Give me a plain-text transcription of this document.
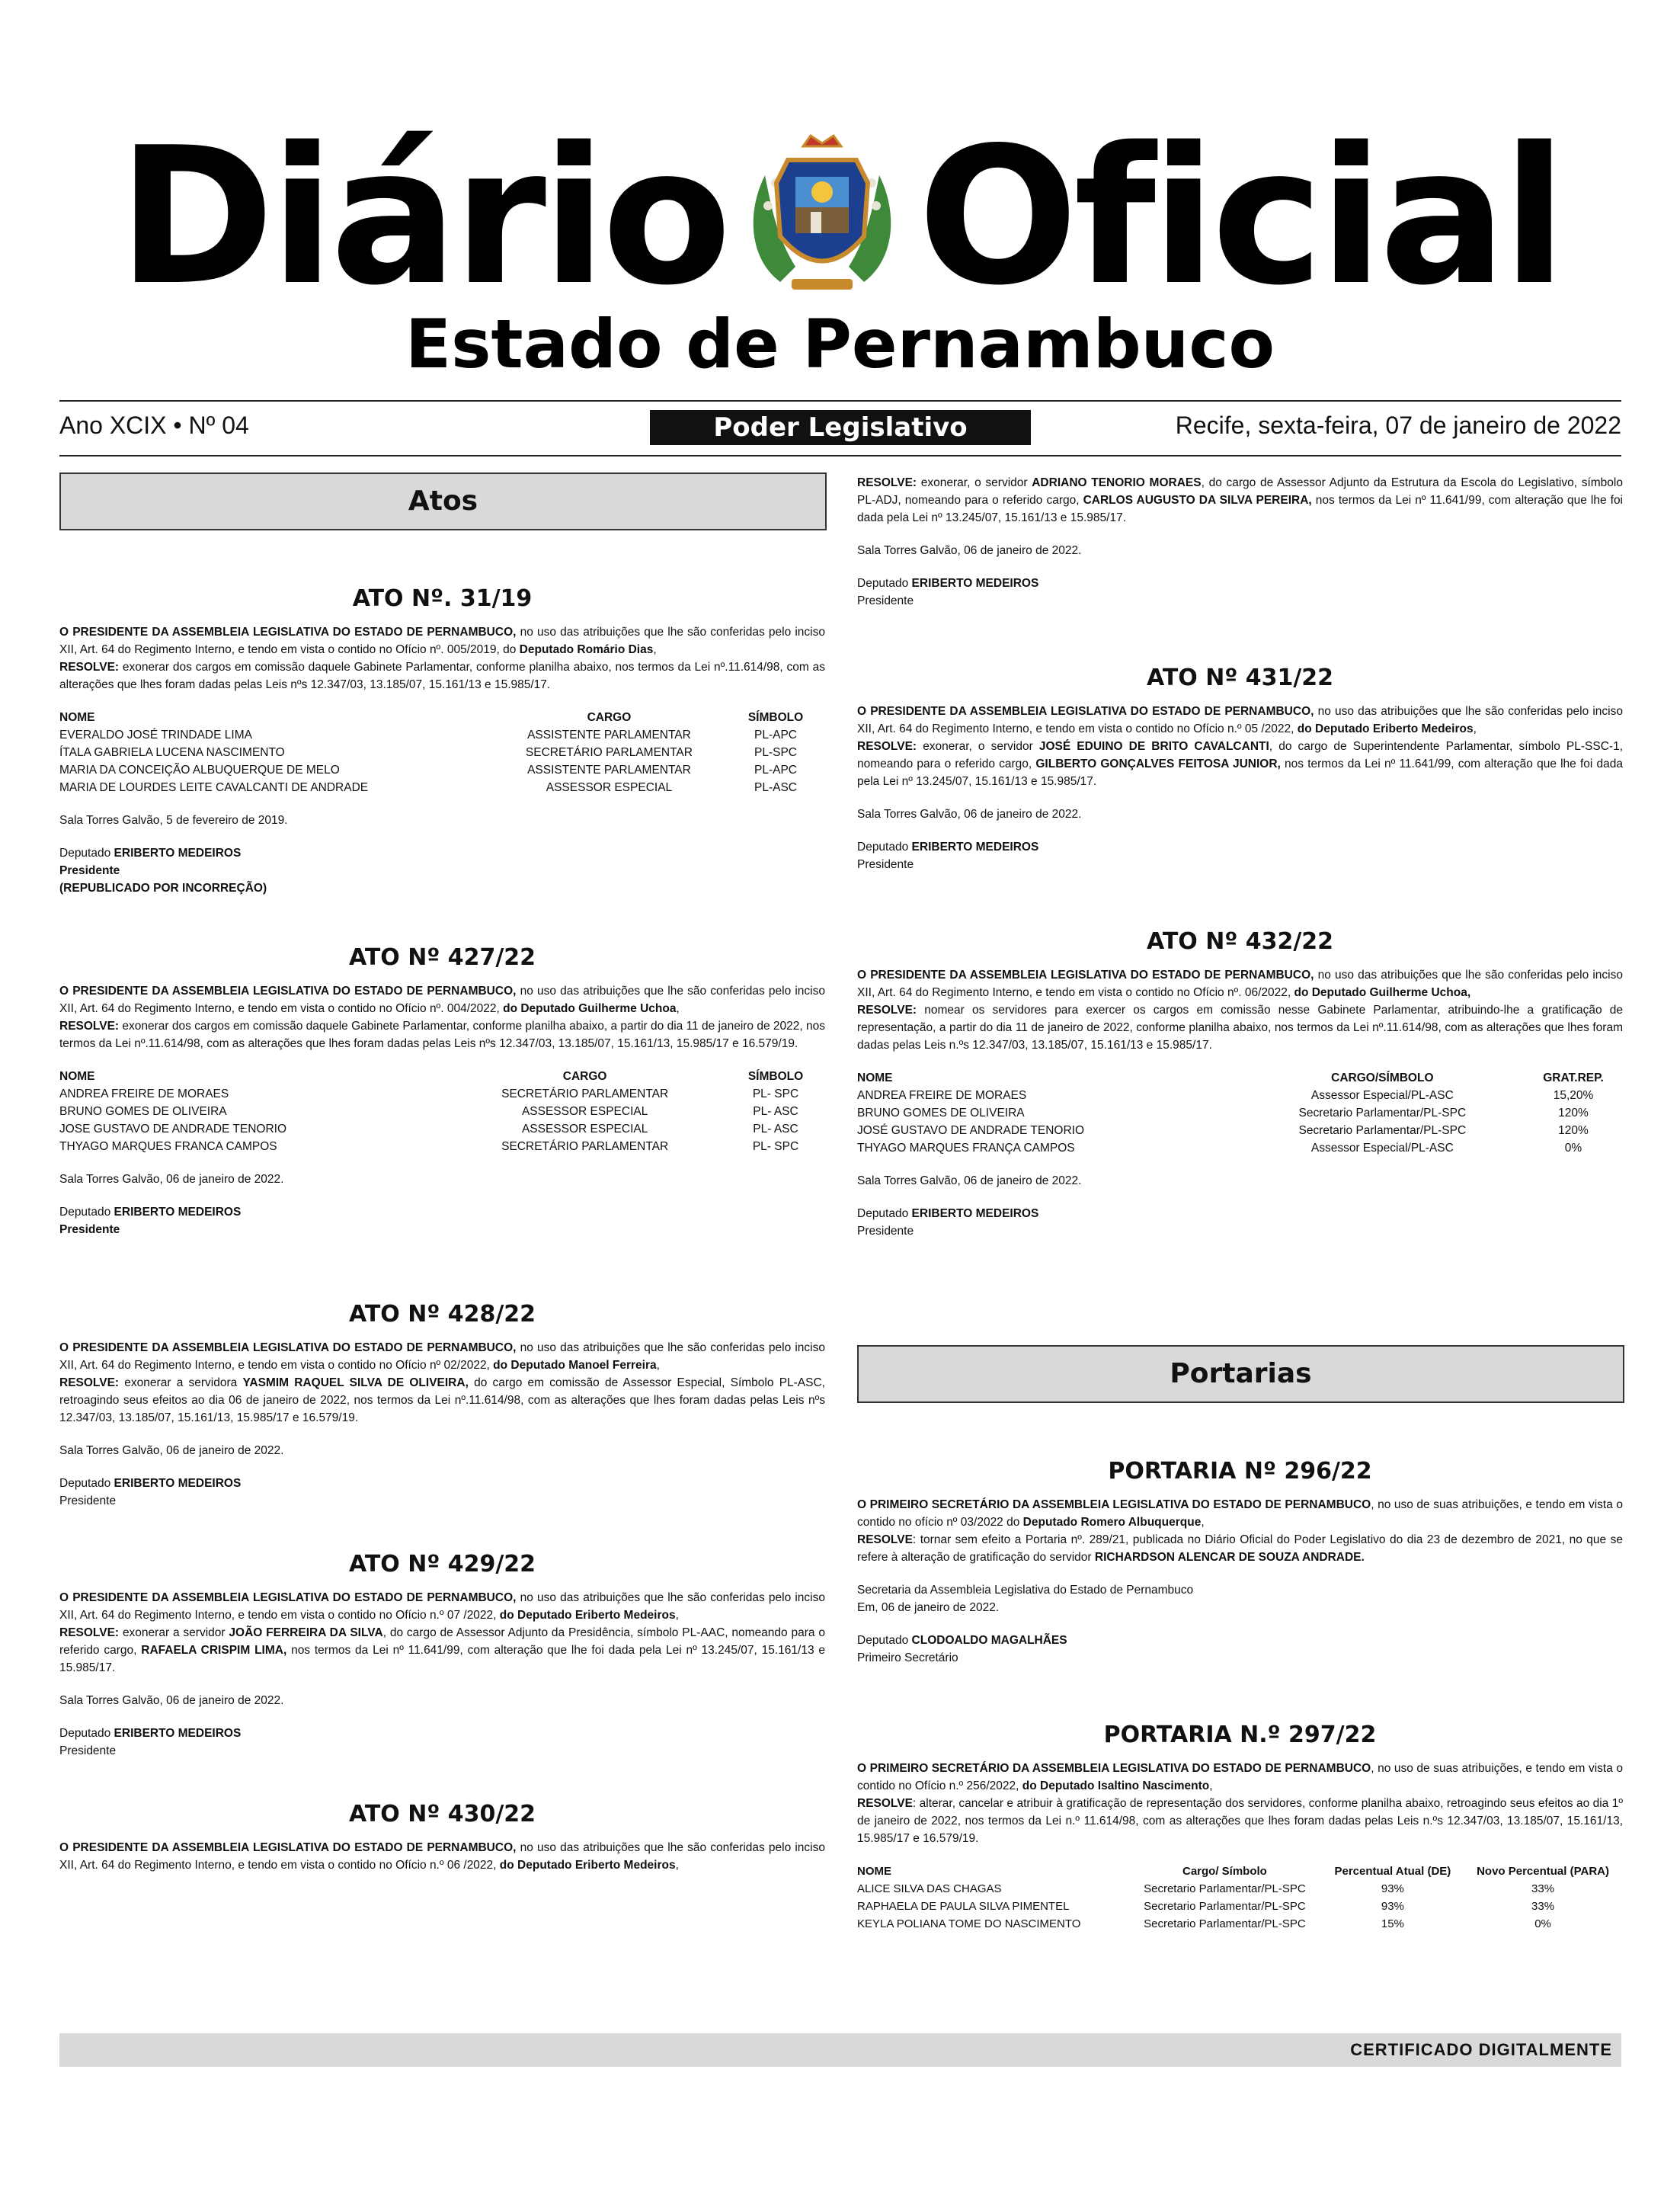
Diário Oficial
Estado de Pernambuco
Ano XCIX • Nº 04	Poder Legislativo	Recife, sexta-feira, 07 de janeiro de 2022
Atos
ATO Nº. 31/19

O PRESIDENTE DA ASSEMBLEIA LEGISLATIVA DO ESTADO DE PERNAMBUCO, no uso das atribuições que lhe são conferidas pelo inciso XII, Art. 64 do Regimento Interno, e tendo em vista o contido no Ofício nº. 005/2019, do Deputado Romário Dias,

RESOLVE: exonerar dos cargos em comissão daquele Gabinete Parlamentar, conforme planilha abaixo, nos termos da Lei nº.11.614/98, com as alterações que lhes foram dadas pelas Leis nºs 12.347/03, 13.185/07, 15.161/13 e 15.985/17.

NOME	CARGO	SÍMBOLO
EVERALDO JOSÉ TRINDADE LIMA	ASSISTENTE PARLAMENTAR	PL-APC
ÍTALA GABRIELA LUCENA NASCIMENTO	SECRETÁRIO PARLAMENTAR	PL-SPC
MARIA DA CONCEIÇÃO ALBUQUERQUE DE MELO	ASSISTENTE PARLAMENTAR	PL-APC
MARIA DE LOURDES LEITE CAVALCANTI DE ANDRADE	ASSESSOR ESPECIAL	PL-ASC

Sala Torres Galvão, 5 de fevereiro de 2019.

Deputado ERIBERTO MEDEIROS

Presidente

(REPUBLICADO POR INCORREÇÃO)

ATO Nº 427/22

O PRESIDENTE DA ASSEMBLEIA LEGISLATIVA DO ESTADO DE PERNAMBUCO, no uso das atribuições que lhe são conferidas pelo inciso XII, Art. 64 do Regimento Interno, e tendo em vista o contido no Ofício nº. 004/2022, do Deputado Guilherme Uchoa,

RESOLVE: exonerar dos cargos em comissão daquele Gabinete Parlamentar, conforme planilha abaixo, a partir do dia 11 de janeiro de 2022, nos termos da Lei nº.11.614/98, com as alterações que lhes foram dadas pelas Leis nºs 12.347/03, 13.185/07, 15.161/13, 15.985/17 e 16.579/19.

NOME	CARGO	SÍMBOLO
ANDREA FREIRE DE MORAES	SECRETÁRIO PARLAMENTAR	PL- SPC
BRUNO GOMES DE OLIVEIRA	ASSESSOR ESPECIAL	PL- ASC
JOSE GUSTAVO DE ANDRADE TENORIO	ASSESSOR ESPECIAL	PL- ASC
THYAGO MARQUES FRANCA CAMPOS	SECRETÁRIO PARLAMENTAR	PL- SPC

Sala Torres Galvão, 06 de janeiro de 2022.

Deputado ERIBERTO MEDEIROS

Presidente

ATO Nº 428/22

O PRESIDENTE DA ASSEMBLEIA LEGISLATIVA DO ESTADO DE PERNAMBUCO, no uso das atribuições que lhe são conferidas pelo inciso XII, Art. 64 do Regimento Interno, e tendo em vista o contido no Ofício nº 02/2022, do Deputado Manoel Ferreira,

RESOLVE: exonerar a servidora YASMIM RAQUEL SILVA DE OLIVEIRA, do cargo em comissão de Assessor Especial, Símbolo PL-ASC, retroagindo seus efeitos ao dia 06 de janeiro de 2022, nos termos da Lei nº.11.614/98, com as alterações que lhes foram dadas pelas Leis nºs 12.347/03, 13.185/07, 15.161/13, 15.985/17 e 16.579/19.

Sala Torres Galvão, 06 de janeiro de 2022.

Deputado ERIBERTO MEDEIROS

Presidente

ATO Nº 429/22

O PRESIDENTE DA ASSEMBLEIA LEGISLATIVA DO ESTADO DE PERNAMBUCO, no uso das atribuições que lhe são conferidas pelo inciso XII, Art. 64 do Regimento Interno, e tendo em vista o contido no Ofício n.º 07 /2022, do Deputado Eriberto Medeiros,

RESOLVE: exonerar a servidor JOÃO FERREIRA DA SILVA, do cargo de Assessor Adjunto da Presidência, símbolo PL-AAC, nomeando para o referido cargo, RAFAELA CRISPIM LIMA, nos termos da Lei nº 11.641/99, com alteração que lhe foi dada pela Lei nº 13.245/07, 15.161/13 e 15.985/17.

Sala Torres Galvão, 06 de janeiro de 2022.

Deputado ERIBERTO MEDEIROS

Presidente

ATO Nº 430/22

O PRESIDENTE DA ASSEMBLEIA LEGISLATIVA DO ESTADO DE PERNAMBUCO, no uso das atribuições que lhe são conferidas pelo inciso XII, Art. 64 do Regimento Interno, e tendo em vista o contido no Ofício n.º 06 /2022, do Deputado Eriberto Medeiros,

RESOLVE: exonerar, o servidor ADRIANO TENORIO MORAES, do cargo de Assessor Adjunto da Estrutura da Escola do Legislativo, símbolo PL-ADJ, nomeando para o referido cargo, CARLOS AUGUSTO DA SILVA PEREIRA, nos termos da Lei nº 11.641/99, com alteração que lhe foi dada pela Lei nº 13.245/07, 15.161/13 e 15.985/17.

Sala Torres Galvão, 06 de janeiro de 2022.

Deputado ERIBERTO MEDEIROS

Presidente

ATO Nº 431/22

O PRESIDENTE DA ASSEMBLEIA LEGISLATIVA DO ESTADO DE PERNAMBUCO, no uso das atribuições que lhe são conferidas pelo inciso XII, Art. 64 do Regimento Interno, e tendo em vista o contido no Ofício n.º 05 /2022, do Deputado Eriberto Medeiros,

RESOLVE: exonerar, o servidor JOSÉ EDUINO DE BRITO CAVALCANTI, do cargo de Superintendente Parlamentar, símbolo PL-SSC-1, nomeando para o referido cargo, GILBERTO GONÇALVES FEITOSA JUNIOR, nos termos da Lei nº 11.641/99, com alteração que lhe foi dada pela Lei nº 13.245/07, 15.161/13 e 15.985/17.

Sala Torres Galvão, 06 de janeiro de 2022.

Deputado ERIBERTO MEDEIROS

Presidente

ATO Nº 432/22

O PRESIDENTE DA ASSEMBLEIA LEGISLATIVA DO ESTADO DE PERNAMBUCO, no uso das atribuições que lhe são conferidas pelo inciso XII, Art. 64 do Regimento Interno, e tendo em vista o contido no Ofício nº. 06/2022, do Deputado Guilherme Uchoa,

RESOLVE: nomear os servidores para exercer os cargos em comissão nesse Gabinete Parlamentar, atribuindo-lhe a gratificação de representação, a partir do dia 11 de janeiro de 2022, conforme planilha abaixo, nos termos da Lei nº.11.614/98, com as alterações que lhes foram dadas pelas Leis n.ºs 12.347/03, 13.185/07, 15.161/13 e 15.985/17.

NOME	CARGO/SÍMBOLO	GRAT.REP.
ANDREA FREIRE DE MORAES	Assessor Especial/PL-ASC	15,20%
BRUNO GOMES DE OLIVEIRA	Secretario Parlamentar/PL-SPC	120%
JOSÉ GUSTAVO DE ANDRADE TENORIO	Secretario Parlamentar/PL-SPC	120%
THYAGO MARQUES FRANÇA CAMPOS	Assessor Especial/PL-ASC	0%

Sala Torres Galvão, 06 de janeiro de 2022.

Deputado ERIBERTO MEDEIROS

Presidente

Portarias
PORTARIA Nº 296/22

O PRIMEIRO SECRETÁRIO DA ASSEMBLEIA LEGISLATIVA DO ESTADO DE PERNAMBUCO, no uso de suas atribuições, e tendo em vista o contido no ofício nº 03/2022 do Deputado Romero Albuquerque,

RESOLVE: tornar sem efeito a Portaria nº. 289/21, publicada no Diário Oficial do Poder Legislativo do dia 23 de dezembro de 2021, no que se refere à alteração de gratificação do servidor RICHARDSON ALENCAR DE SOUZA ANDRADE.

Secretaria da Assembleia Legislativa do Estado de Pernambuco

Em, 06 de janeiro de 2022.

Deputado CLODOALDO MAGALHÃES

Primeiro Secretário

PORTARIA N.º 297/22

O PRIMEIRO SECRETÁRIO DA ASSEMBLEIA LEGISLATIVA DO ESTADO DE PERNAMBUCO, no uso de suas atribuições, e tendo em vista o contido no Ofício n.º 256/2022, do Deputado Isaltino Nascimento,

RESOLVE: alterar, cancelar e atribuir à gratificação de representação dos servidores, conforme planilha abaixo, retroagindo seus efeitos ao dia 1º de janeiro de 2022, nos termos da Lei n.º 11.614/98, com as alterações que lhes foram dadas pelas Leis n.ºs 12.347/03, 13.185/07, 15.161/13, 15.985/17 e 16.579/19.

NOME	Cargo/ Símbolo	Percentual Atual (DE)	Novo Percentual (PARA)
ALICE SILVA DAS CHAGAS	Secretario Parlamentar/PL-SPC	93%	33%
RAPHAELA DE PAULA SILVA PIMENTEL	Secretario Parlamentar/PL-SPC	93%	33%
KEYLA POLIANA TOME DO NASCIMENTO	Secretario Parlamentar/PL-SPC	15%	0%
CERTIFICADO DIGITALMENTE
